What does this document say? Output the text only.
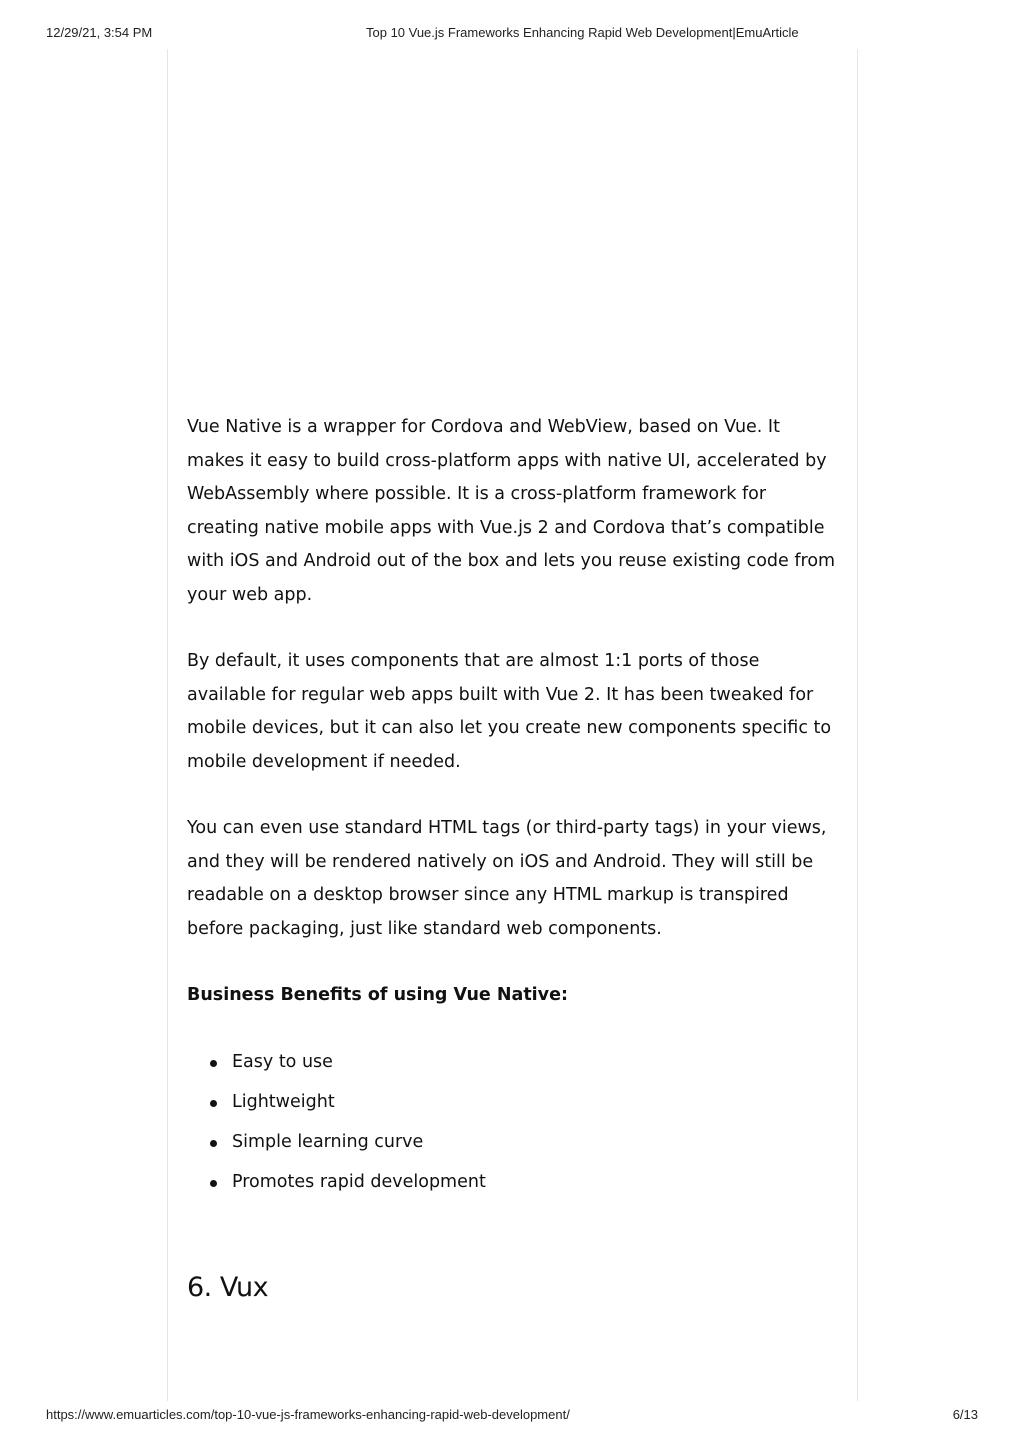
12/29/21, 3:54 PM	Top 10 Vue.js Frameworks Enhancing Rapid Web Development|EmuArticle

Vue Native is a wrapper for Cordova and WebView, based on Vue. It makes it easy to build cross-platform apps with native UI, accelerated by WebAssembly where possible. It is a cross-platform framework for creating native mobile apps with Vue.js 2 and Cordova that’s compatible with iOS and Android out of the box and lets you reuse existing code from your web app.

By default, it uses components that are almost 1:1 ports of those available for regular web apps built with Vue 2. It has been tweaked for mobile devices, but it can also let you create new components specific to mobile development if needed.

You can even use standard HTML tags (or third-party tags) in your views, and they will be rendered natively on iOS and Android. They will still be readable on a desktop browser since any HTML markup is transpired before packaging, just like standard web components.

Business Benefits of using Vue Native:

Easy to use
Lightweight
Simple learning curve
Promotes rapid development
6. Vux
https://www.emuarticles.com/top-10-vue-js-frameworks-enhancing-rapid-web-development/	6/13
